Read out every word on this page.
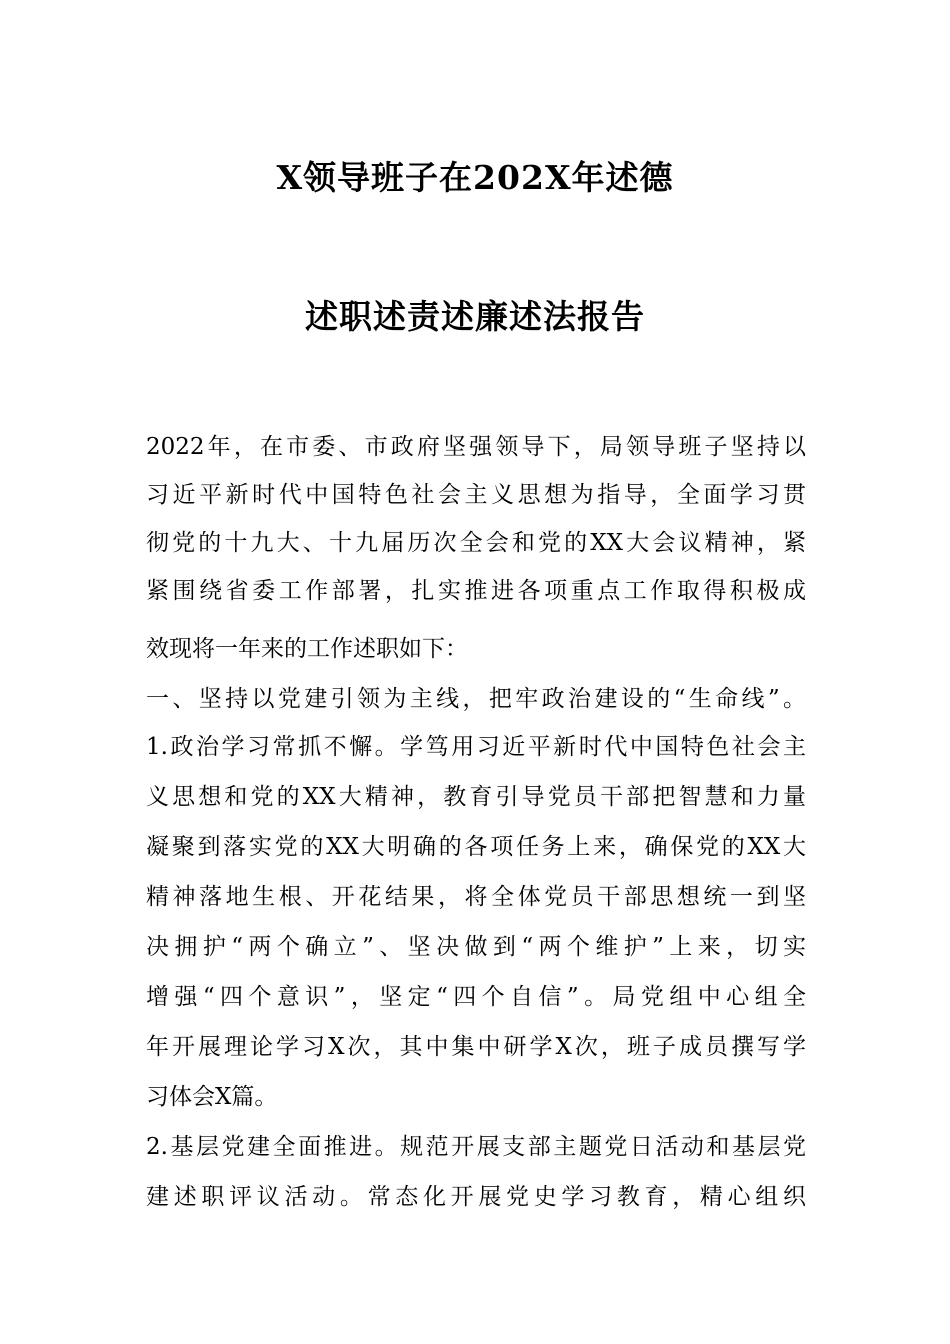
X领导班子在202X年述德
述职述责述廉述法报告
2022年，在市委、市政府坚强领导下，局领导班子坚持以
习近平新时代中国特色社会主义思想为指导，全面学习贯
彻党的十九大、十九届历次全会和党的XX大会议精神，紧
紧围绕省委工作部署，扎实推进各项重点工作取得积极成
效现将一年来的工作述职如下：
一、坚持以党建引领为主线，把牢政治建设的“生命线”。
1.政治学习常抓不懈。学笃用习近平新时代中国特色社会主
义思想和党的XX大精神，教育引导党员干部把智慧和力量
凝聚到落实党的XX大明确的各项任务上来，确保党的XX大
精神落地生根、开花结果，将全体党员干部思想统一到坚
决拥护“两个确立”、坚决做到“两个维护”上来，切实
增强“四个意识”，坚定“四个自信”。局党组中心组全
年开展理论学习X次，其中集中研学X次，班子成员撰写学
习体会X篇。
2.基层党建全面推进。规范开展支部主题党日活动和基层党
建述职评议活动。常态化开展党史学习教育，精心组织
